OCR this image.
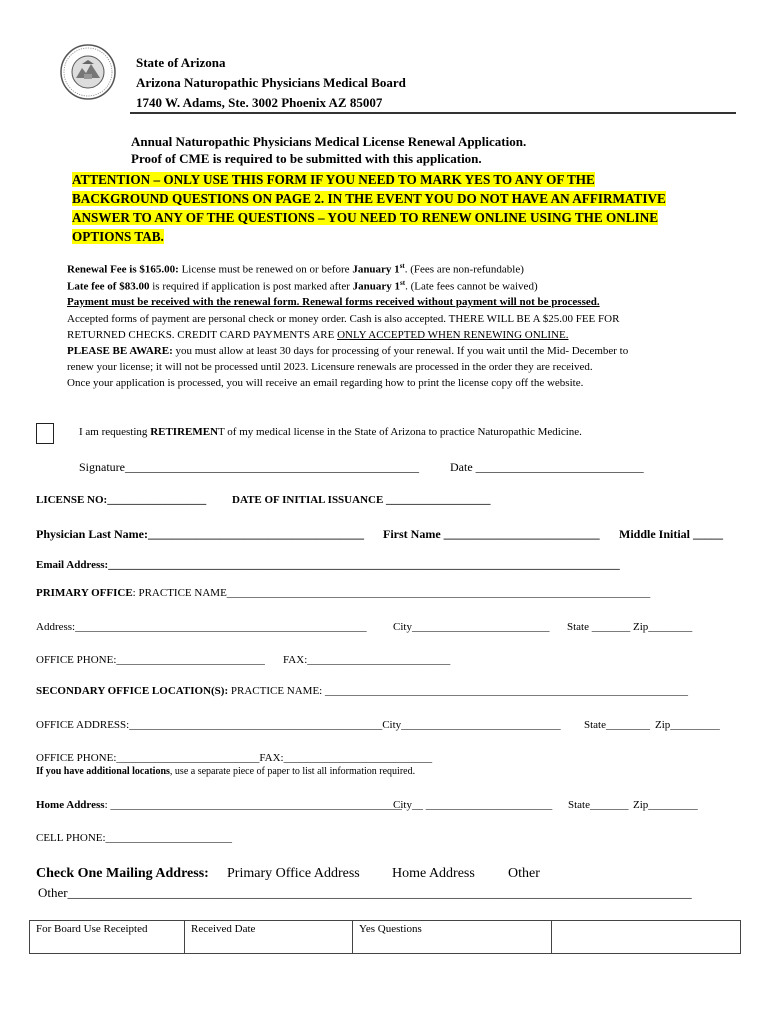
State of Arizona
Arizona Naturopathic Physicians Medical Board
1740 W. Adams, Ste. 3002 Phoenix AZ 85007
Annual Naturopathic Physicians Medical License Renewal Application.
Proof of CME is required to be submitted with this application.
ATTENTION – ONLY USE THIS FORM IF YOU NEED TO MARK YES TO ANY OF THE
BACKGROUND QUESTIONS ON PAGE 2. IN THE EVENT YOU DO NOT HAVE AN AFFIRMATIVE
ANSWER TO ANY OF THE QUESTIONS – YOU NEED TO RENEW ONLINE USING THE ONLINE
OPTIONS TAB.
Renewal Fee is $165.00: License must be renewed on or before January 1st. (Fees are non-refundable)
Late fee of $83.00 is required if application is post marked after January 1st. (Late fees cannot be waived)
Payment must be received with the renewal form. Renewal forms received without payment will not be processed.
Accepted forms of payment are personal check or money order. Cash is also accepted. THERE WILL BE A $25.00 FEE FOR
RETURNED CHECKS. CREDIT CARD PAYMENTS ARE ONLY ACCEPTED WHEN RENEWING ONLINE.
PLEASE BE AWARE: you must allow at least 30 days for processing of your renewal. If you wait until the Mid- December to
renew your license; it will not be processed until 2023. Licensure renewals are processed in the order they are received.
Once your application is processed, you will receive an email regarding how to print the license copy off the website.
I am requesting RETIREMENT of my medical license in the State of Arizona to practice Naturopathic Medicine.
Signature_________________________________________________	Date ____________________________
LICENSE NO:__________________ DATE OF INITIAL ISSUANCE ___________________
Physician Last Name:____________________________________ First Name __________________________ Middle Initial _____
Email Address:_____________________________________________________________________________________________
PRIMARY OFFICE: PRACTICE NAME_____________________________________________________________________________
Address:_____________________________________________________ City_________________________ State _______ Zip________
OFFICE PHONE:___________________________ FAX:__________________________
SECONDARY OFFICE LOCATION(S): PRACTICE NAME: __________________________________________________________________
OFFICE ADDRESS:______________________________________________City_____________________________ State________ Zip_________
OFFICE PHONE:__________________________FAX:___________________________
If you have additional locations, use a separate piece of paper to list all information required.
Home Address: _____________________________________________________
City__ _______________________ State_______ Zip_________
CELL PHONE:_______________________
Check One Mailing Address: Primary Office Address Home Address Other
Other________________________________________________________________________________________________
For Board Use Receipted	Received Date	Yes Questions	
